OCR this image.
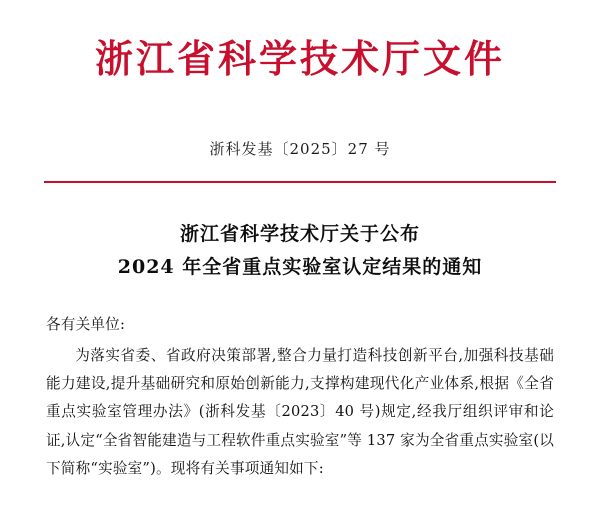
浙江省科学技术厅文件
浙科发基〔2025〕27 号
浙江省科学技术厅关于公布
2024 年全省重点实验室认定结果的通知
各有关单位:
为落实省委、省政府决策部署,整合力量打造科技创新平台,加强科技基础能力建设,提升基础研究和原始创新能力,支撑构建现代化产业体系,根据《全省重点实验室管理办法》(浙科发基〔2023〕40 号)规定,经我厅组织评审和论证,认定“全省智能建造与工程软件重点实验室”等 137 家为全省重点实验室(以下简称“实验室”)。现将有关事项通知如下:
